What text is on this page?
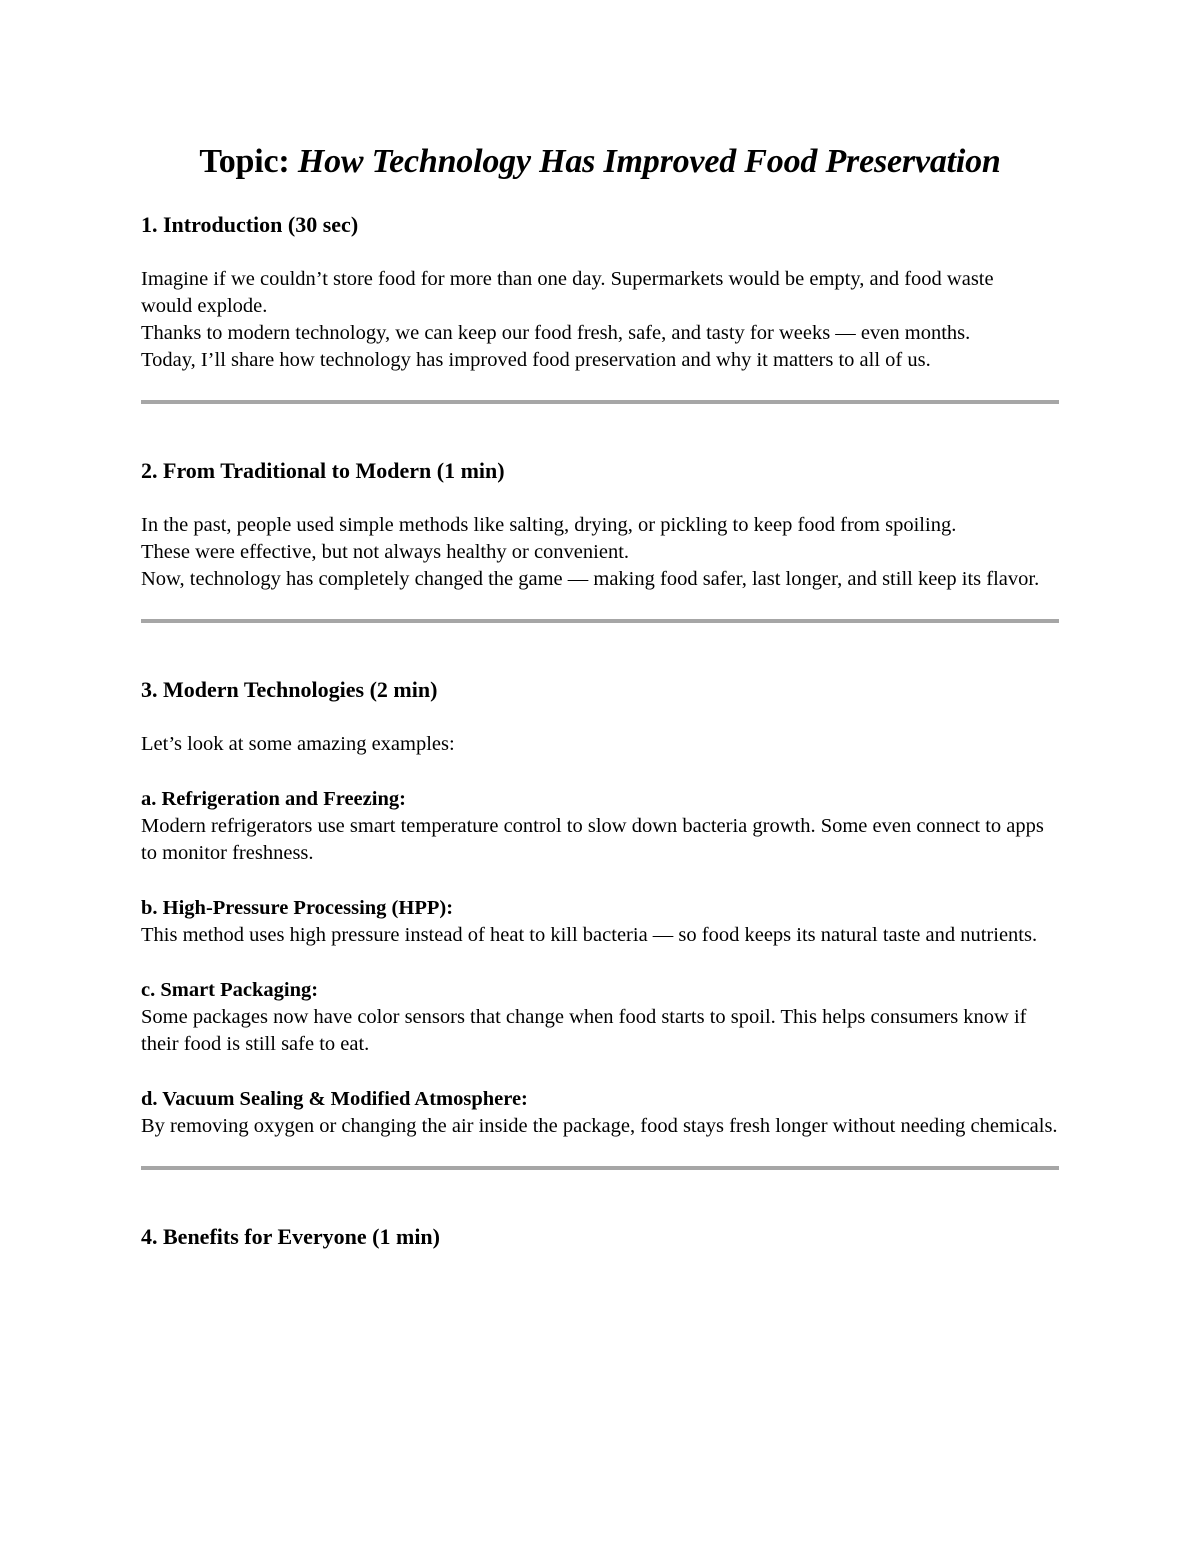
Topic: How Technology Has Improved Food Preservation
1. Introduction (30 sec)

Imagine if we couldn’t store food for more than one day. Supermarkets would be empty, and food waste would explode.

Thanks to modern technology, we can keep our food fresh, safe, and tasty for weeks — even months.

Today, I’ll share how technology has improved food preservation and why it matters to all of us.

2. From Traditional to Modern (1 min)

In the past, people used simple methods like salting, drying, or pickling to keep food from spoiling.

These were effective, but not always healthy or convenient.

Now, technology has completely changed the game — making food safer, last longer, and still keep its flavor.

3. Modern Technologies (2 min)

Let’s look at some amazing examples:

a. Refrigeration and Freezing:

Modern refrigerators use smart temperature control to slow down bacteria growth. Some even connect to apps to monitor freshness.

b. High-Pressure Processing (HPP):

This method uses high pressure instead of heat to kill bacteria — so food keeps its natural taste and nutrients.

c. Smart Packaging:

Some packages now have color sensors that change when food starts to spoil. This helps consumers know if their food is still safe to eat.

d. Vacuum Sealing & Modified Atmosphere:

By removing oxygen or changing the air inside the package, food stays fresh longer without needing chemicals.

4. Benefits for Everyone (1 min)
